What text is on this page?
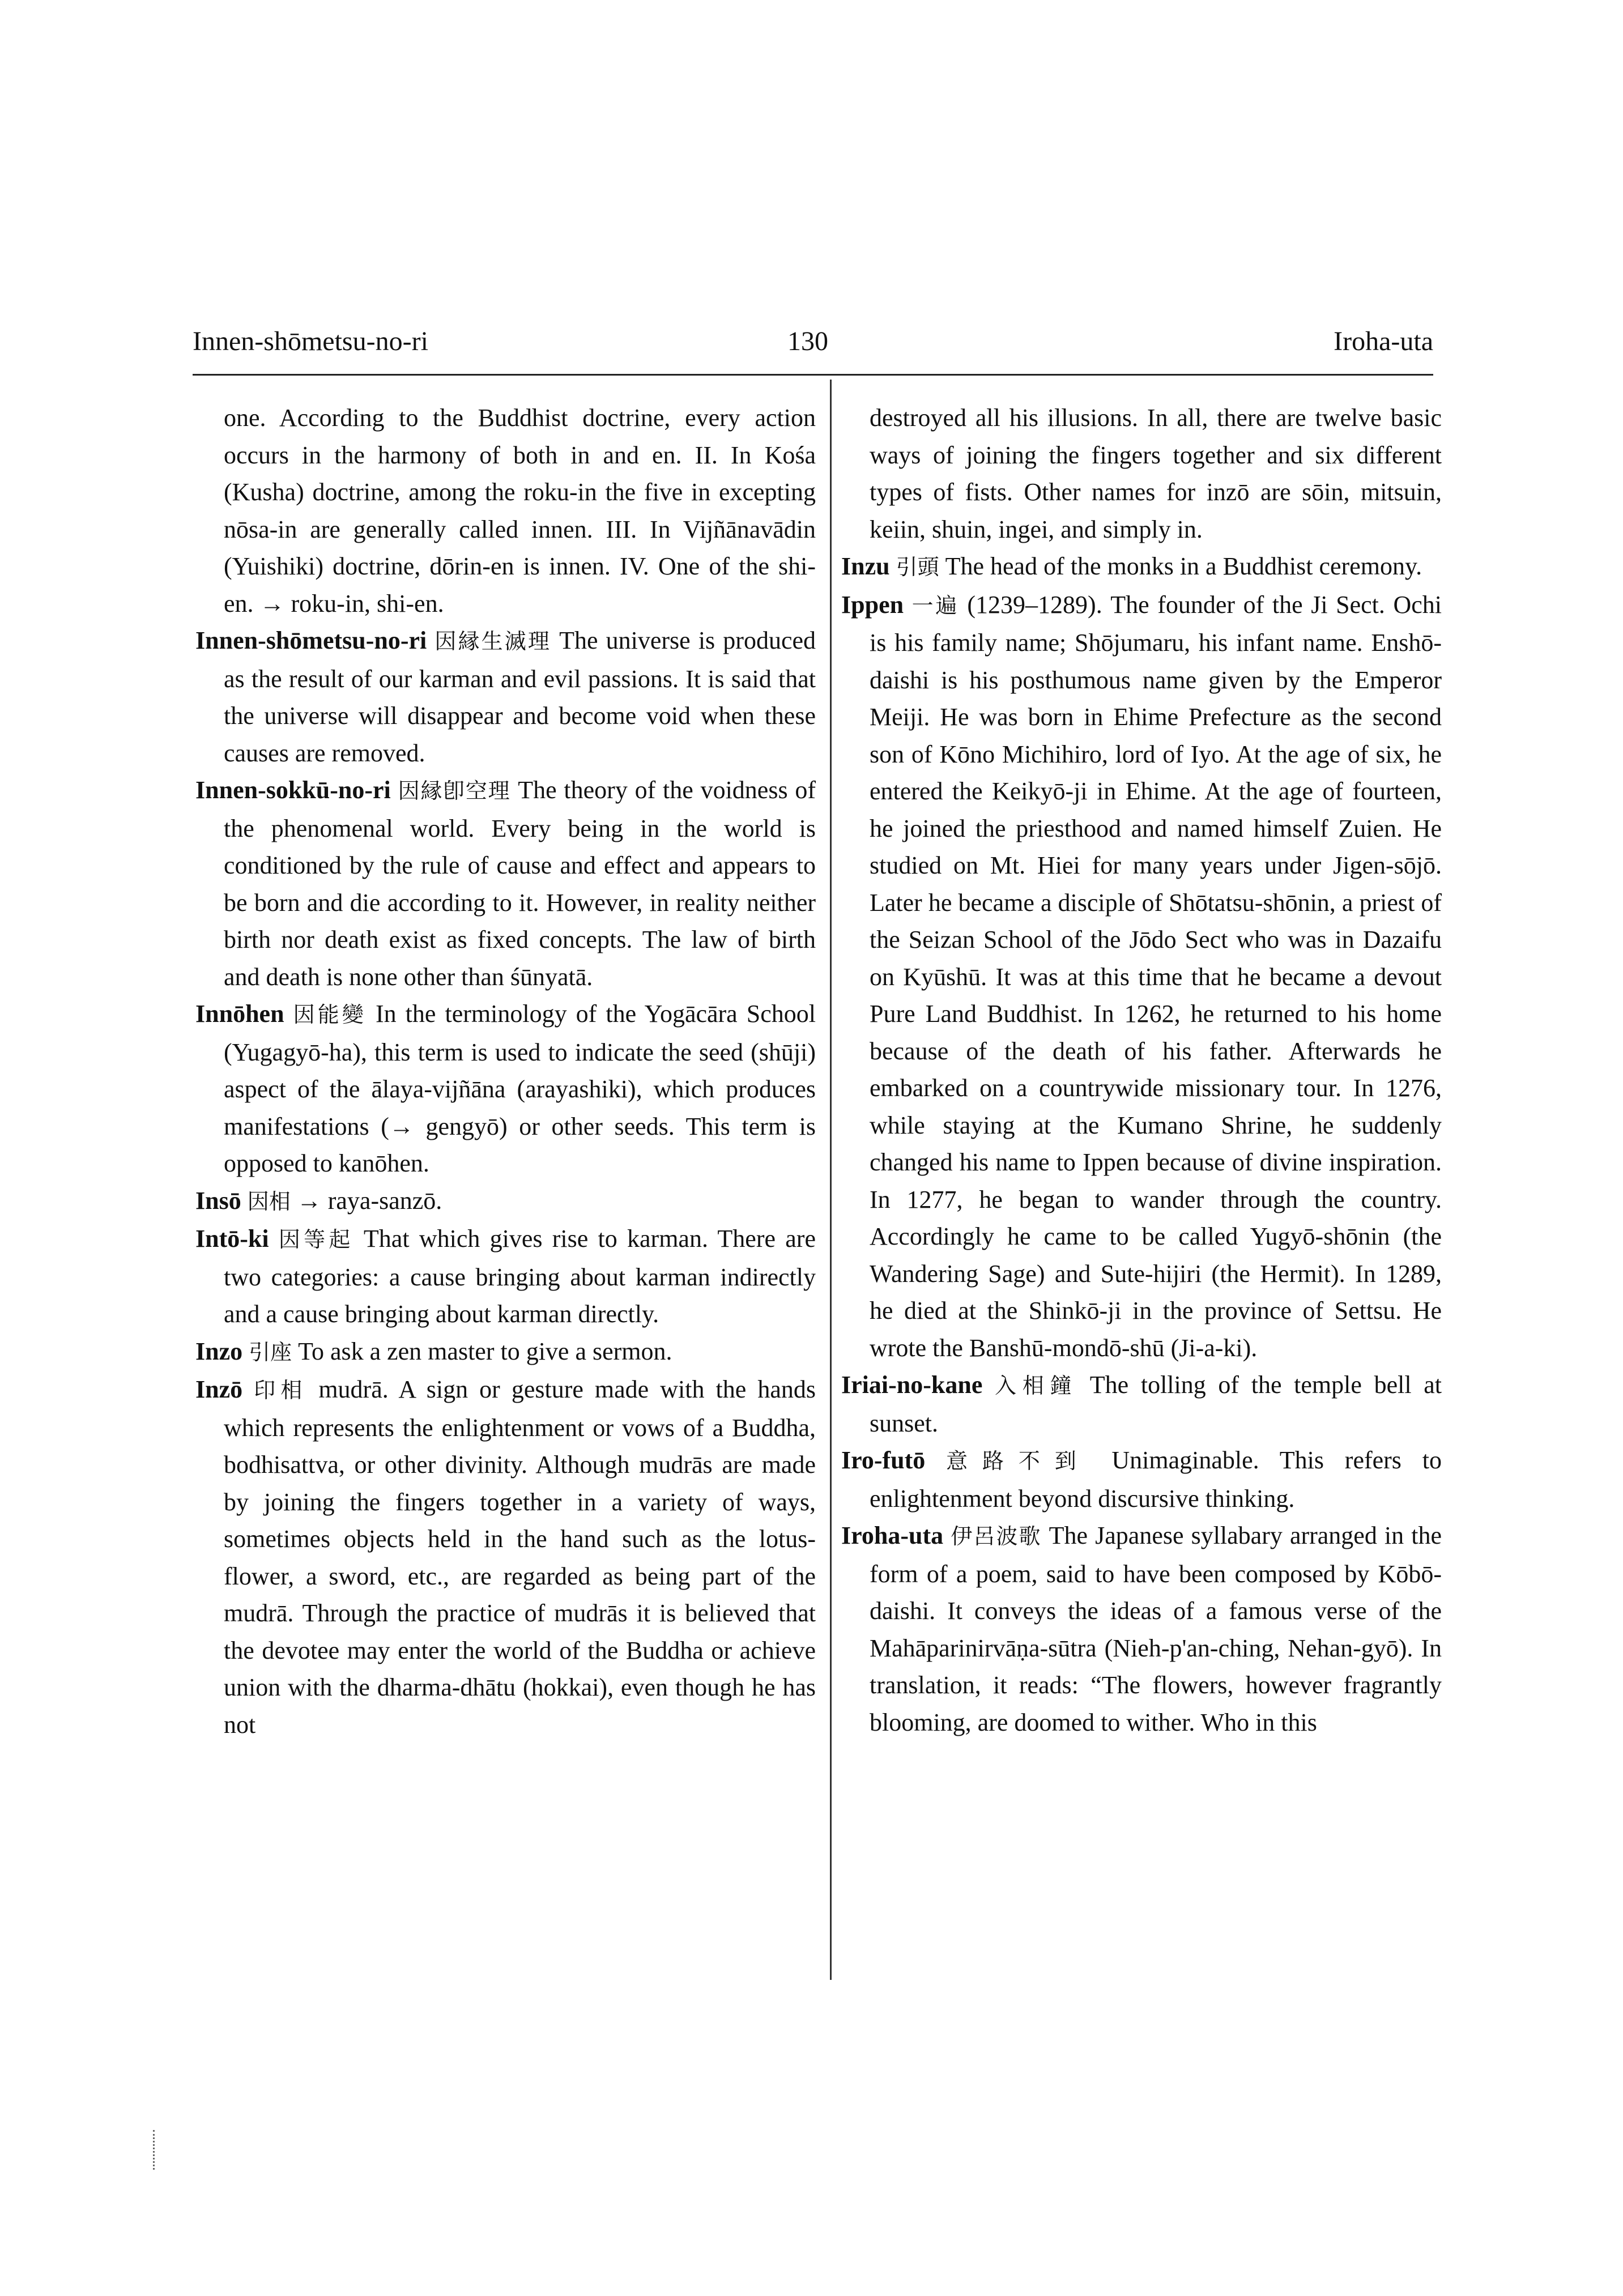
Innen-shōmetsu-no-ri	130	Iroha-uta

one. According to the Buddhist doctrine, every action occurs in the harmony of both in and en. II. In Kośa (Kusha) doctrine, among the roku-in the five in excepting nōsa-in are generally called innen. III. In Vijñānavādin (Yuishiki) doctrine, dōrin-en is innen. IV. One of the shi-en. → roku-in, shi-en.

Innen-shōmetsu-no-ri 因縁生滅理 The universe is produced as the result of our karman and evil passions. It is said that the universe will disappear and become void when these causes are removed.

Innen-sokkū-no-ri 因縁卽空理 The theory of the voidness of the phenomenal world. Every being in the world is conditioned by the rule of cause and effect and appears to be born and die according to it. However, in reality neither birth nor death exist as fixed concepts. The law of birth and death is none other than śūnyatā.

Innōhen 因能變 In the terminology of the Yogācāra School (Yugagyō-ha), this term is used to indicate the seed (shūji) aspect of the ālaya-vijñāna (arayashiki), which produces manifestations (→ gengyō) or other seeds. This term is opposed to kanōhen.

Insō 因相 → raya-sanzō.

Intō-ki 因等起 That which gives rise to karman. There are two categories: a cause bringing about karman indirectly and a cause bringing about karman directly.

Inzo 引座 To ask a zen master to give a sermon.

Inzō 印相 mudrā. A sign or gesture made with the hands which represents the enlightenment or vows of a Buddha, bodhisattva, or other divinity. Although mudrās are made by joining the fingers together in a variety of ways, sometimes objects held in the hand such as the lotus-flower, a sword, etc., are regarded as being part of the mudrā. Through the practice of mudrās it is believed that the devotee may enter the world of the Buddha or achieve union with the dharma-dhātu (hokkai), even though he has not

destroyed all his illusions. In all, there are twelve basic ways of joining the fingers together and six different types of fists. Other names for inzō are sōin, mitsuin, keiin, shuin, ingei, and simply in.

Inzu 引頭 The head of the monks in a Buddhist ceremony.

Ippen 一遍 (1239–1289). The founder of the Ji Sect. Ochi is his family name; Shōjumaru, his infant name. Enshō-daishi is his posthumous name given by the Emperor Meiji. He was born in Ehime Prefecture as the second son of Kōno Michihiro, lord of Iyo. At the age of six, he entered the Keikyō-ji in Ehime. At the age of fourteen, he joined the priesthood and named himself Zuien. He studied on Mt. Hiei for many years under Jigen-sōjō. Later he became a disciple of Shōtatsu-shōnin, a priest of the Seizan School of the Jōdo Sect who was in Dazaifu on Kyūshū. It was at this time that he became a devout Pure Land Buddhist. In 1262, he returned to his home because of the death of his father. Afterwards he embarked on a countrywide missionary tour. In 1276, while staying at the Kumano Shrine, he suddenly changed his name to Ippen because of divine inspiration. In 1277, he began to wander through the country. Accordingly he came to be called Yugyō-shōnin (the Wandering Sage) and Sute-hijiri (the Hermit). In 1289, he died at the Shinkō-ji in the province of Settsu. He wrote the Banshū-mondō-shū (Ji-a-ki).

Iriai-no-kane 入相鐘 The tolling of the temple bell at sunset.

Iro-futō 意路不到 Unimaginable. This refers to enlightenment beyond discursive thinking.

Iroha-uta 伊呂波歌 The Japanese syllabary arranged in the form of a poem, said to have been composed by Kōbō-daishi. It conveys the ideas of a famous verse of the Mahāparinirvāṇa-sūtra (Nieh-p'an-ching, Nehan-gyō). In translation, it reads: “The flowers, however fragrantly blooming, are doomed to wither. Who in this
